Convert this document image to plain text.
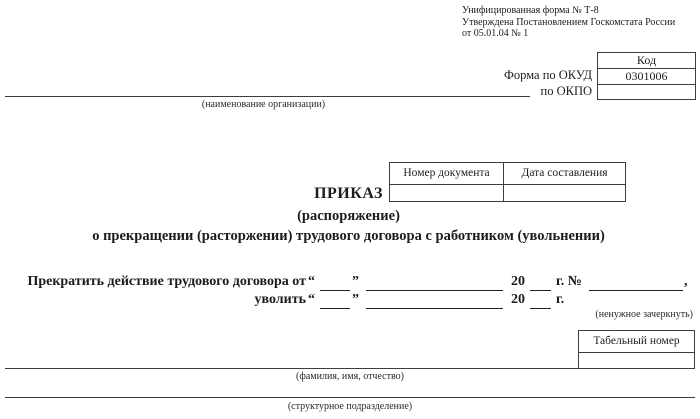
Унифицированная форма № Т-8
Утверждена Постановлением Госкомстата России
от 05.01.04 № 1
Код
0301006
Форма по ОКУД
по ОКПО
(наименование организации)
Номер документа	Дата составления
ПРИКАЗ
(распоряжение)
о прекращении (расторжении) трудового договора с работником (увольнении)
Прекратить действие трудового договора от “	”	20 г. №	,
уволить “	”	20 г.
(ненужное зачеркнуть)
Табельный номер
(фамилия, имя, отчество)
(структурное подразделение)
